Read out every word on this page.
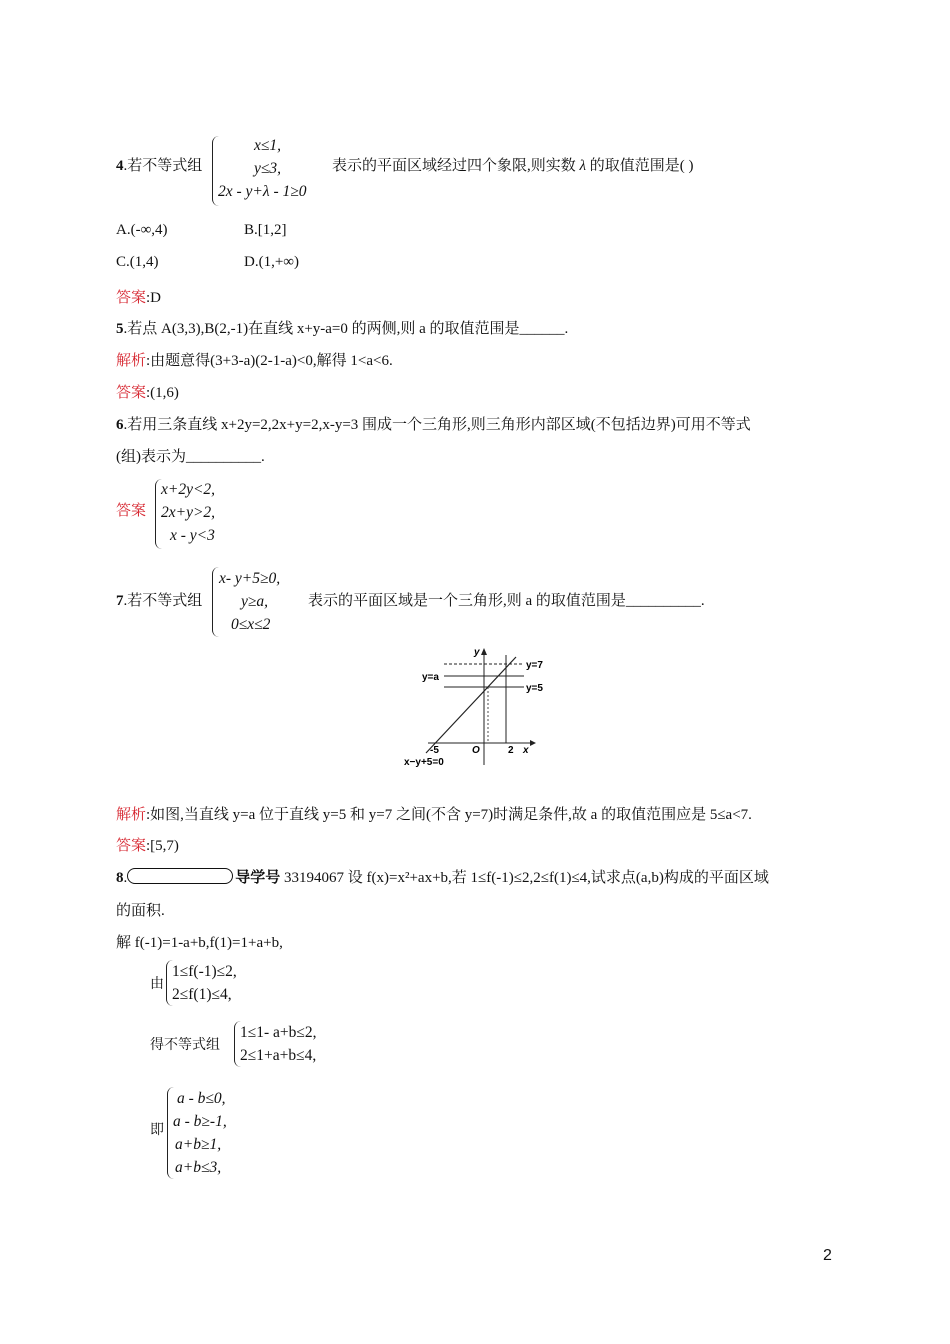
4.若不等式组
x≤1,
y≤3,
2x - y+λ - 1≥0
表示的平面区域经过四个象限,则实数 λ 的取值范围是( )
A.(-∞,4)	B.[1,2]
C.(1,4)	D.(1,+∞)
答案:D
5.若点 A(3,3),B(2,-1)在直线 x+y-a=0 的两侧,则 a 的取值范围是______.
解析:由题意得(3+3-a)(2-1-a)<0,解得 1<a<6.
答案:(1,6)
6.若用三条直线 x+2y=2,2x+y=2,x-y=3 围成一个三角形,则三角形内部区域(不包括边界)可用不等式
(组)表示为__________.
答案
x+2y<2,
2x+y>2,
x - y<3
7.若不等式组
x- y+5≥0,
y≥a,
0≤x≤2
表示的平面区域是一个三角形,则 a 的取值范围是__________.
y=a
y=7
y=5
-5	O	2 x
y
x−y+5=0
解析:如图,当直线 y=a 位于直线 y=5 和 y=7 之间(不含 y=7)时满足条件,故 a 的取值范围应是 5≤a<7.
答案:[5,7)
8.	导学号 33194067 设 f(x)=x²+ax+b,若 1≤f(-1)≤2,2≤f(1)≤4,试求点(a,b)构成的平面区域
的面积.
解 f(-1)=1-a+b,f(1)=1+a+b,
由
1≤f(-1)≤2,
2≤f(1)≤4,
得不等式组
1≤1- a+b≤2,
2≤1+a+b≤4,
即
a - b≤0,
a - b≥-1,
a+b≥1,
a+b≤3,
2
